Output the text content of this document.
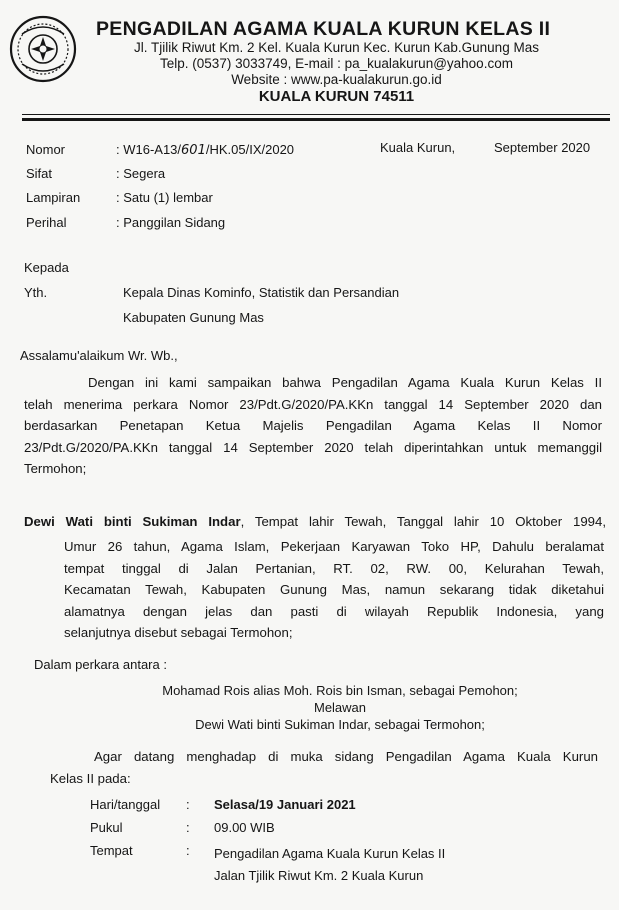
PENGADILAN AGAMA KUALA KURUN KELAS II
Jl. Tjilik Riwut Km. 2 Kel. Kuala Kurun Kec. Kurun Kab.Gunung Mas
Telp. (0537) 3033749, E-mail : pa_kualakurun@yahoo.com
Website : www.pa-kualakurun.go.id
KUALA KURUN 74511
Nomor	: W16-A13/601/HK.05/IX/2020	Kuala Kurun,	September 2020
Sifat	: Segera
Lampiran	: Satu (1) lembar
Perihal	: Panggilan Sidang
Kepada
Yth.	Kepala Dinas Kominfo, Statistik dan Persandian
Kabupaten Gunung Mas
Assalamu'alaikum Wr. Wb.,
Dengan ini kami sampaikan bahwa Pengadilan Agama Kuala Kurun Kelas II
telah menerima perkara Nomor 23/Pdt.G/2020/PA.KKn tanggal 14 September 2020 dan
berdasarkan Penetapan Ketua Majelis Pengadilan Agama Kelas II Nomor
23/Pdt.G/2020/PA.KKn tanggal 14 September 2020 telah diperintahkan untuk memanggil
Termohon;
Dewi Wati binti Sukiman Indar, Tempat lahir Tewah, Tanggal lahir 10 Oktober 1994,
Umur 26 tahun, Agama Islam, Pekerjaan Karyawan Toko HP, Dahulu beralamat
tempat tinggal di Jalan Pertanian, RT. 02, RW. 00, Kelurahan Tewah,
Kecamatan Tewah, Kabupaten Gunung Mas, namun sekarang tidak diketahui
alamatnya dengan jelas dan pasti di wilayah Republik Indonesia, yang
selanjutnya disebut sebagai Termohon;
Dalam perkara antara :
Mohamad Rois alias Moh. Rois bin Isman, sebagai Pemohon;
Melawan
Dewi Wati binti Sukiman Indar, sebagai Termohon;
Agar datang menghadap di muka sidang Pengadilan Agama Kuala Kurun
Kelas II pada:
Hari/tanggal : Selasa/19 Januari 2021
Pukul	: 09.00 WIB
Tempat	: Pengadilan Agama Kuala Kurun Kelas II
Jalan Tjilik Riwut Km. 2 Kuala Kurun
